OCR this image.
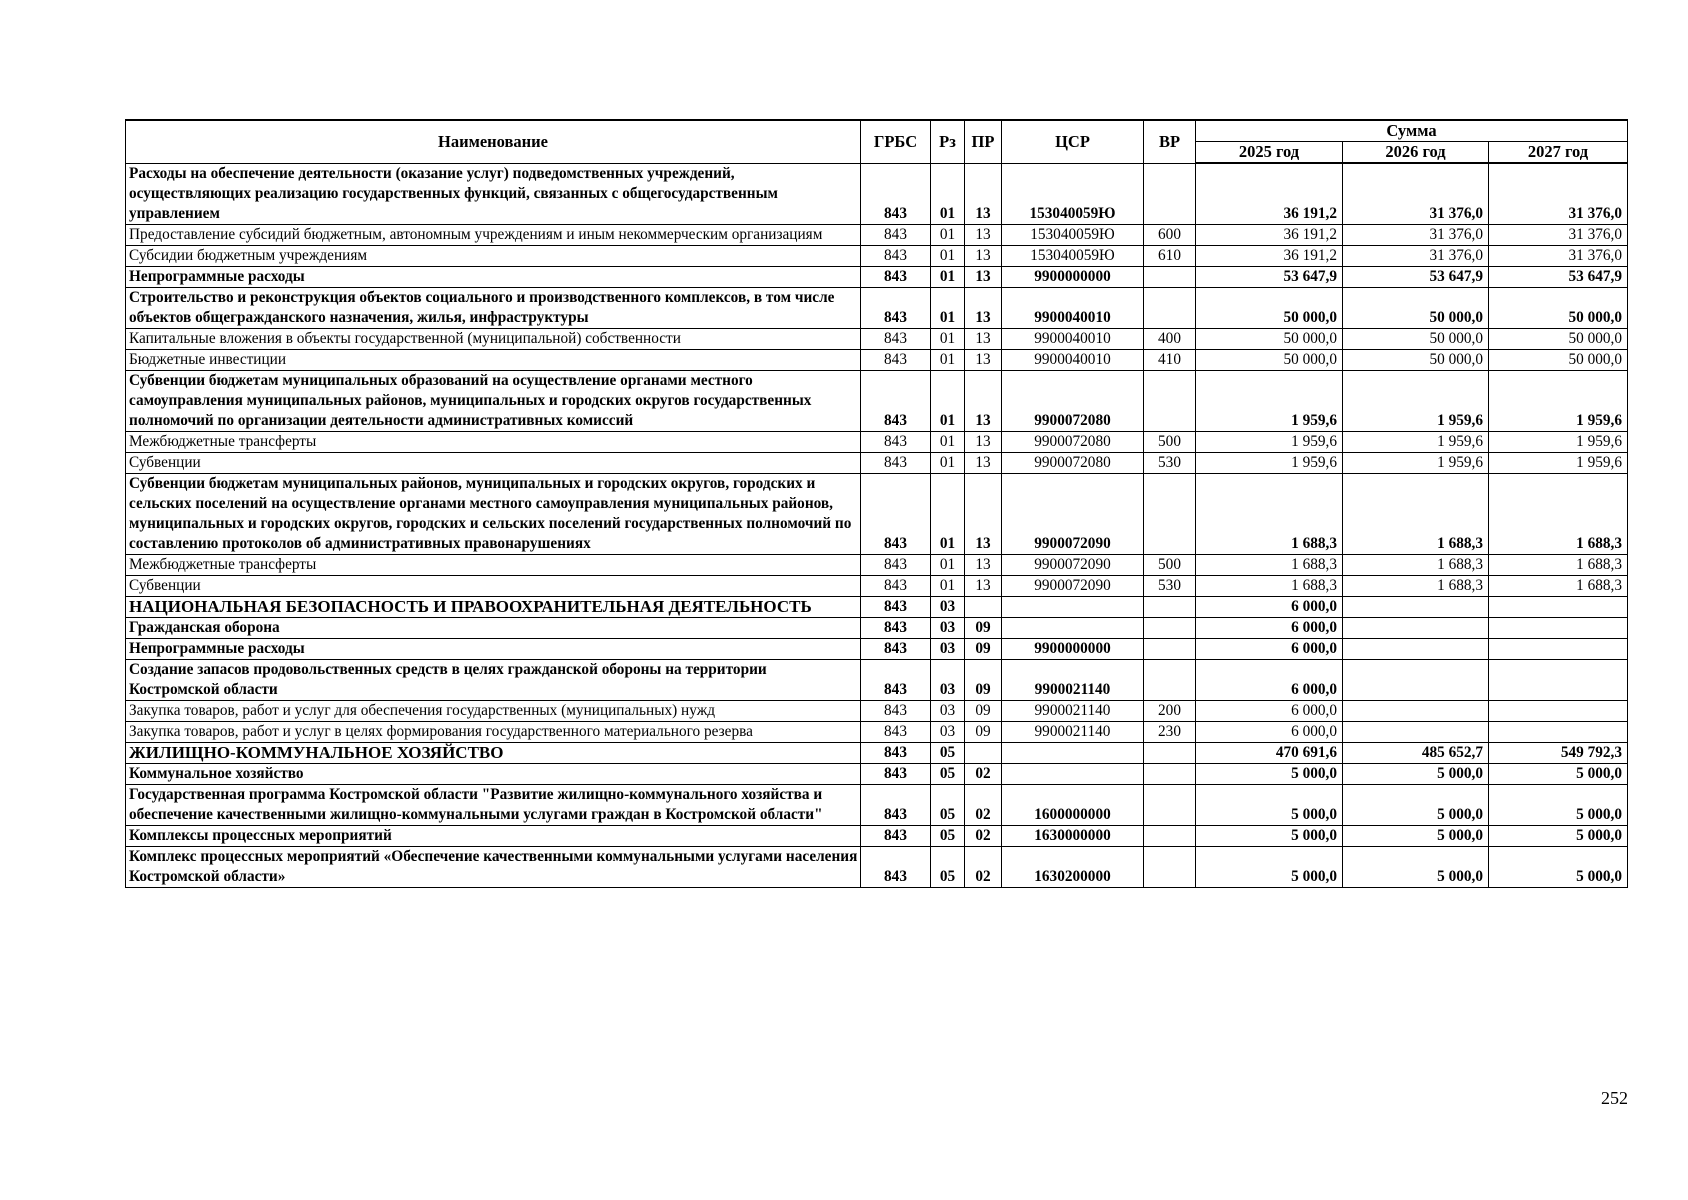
Наименование	ГРБС	Рз	ПР	ЦСР	ВР	Сумма		
						2025 год	2026 год	2027 год
Расходы на обеспечение деятельности (оказание услуг) подведомственных учреждений, осуществляющих реализацию государственных функций, связанных с общегосударственным управлением	843	01	13	153040059Ю		36 191,2	31 376,0	31 376,0
Предоставление субсидий бюджетным, автономным учреждениям и иным некоммерческим организациям	843	01	13	153040059Ю	600	36 191,2	31 376,0	31 376,0
Субсидии бюджетным учреждениям	843	01	13	153040059Ю	610	36 191,2	31 376,0	31 376,0
Непрограммные расходы	843	01	13	9900000000		53 647,9	53 647,9	53 647,9
Строительство и реконструкция объектов социального и производственного комплексов, в том числе объектов общегражданского назначения, жилья, инфраструктуры	843	01	13	9900040010		50 000,0	50 000,0	50 000,0
Капитальные вложения в объекты государственной (муниципальной) собственности	843	01	13	9900040010	400	50 000,0	50 000,0	50 000,0
Бюджетные инвестиции	843	01	13	9900040010	410	50 000,0	50 000,0	50 000,0
Субвенции бюджетам муниципальных образований на осуществление органами местного самоуправления муниципальных районов, муниципальных и городских округов государственных полномочий по организации деятельности административных комиссий	843	01	13	9900072080		1 959,6	1 959,6	1 959,6
Межбюджетные трансферты	843	01	13	9900072080	500	1 959,6	1 959,6	1 959,6
Субвенции	843	01	13	9900072080	530	1 959,6	1 959,6	1 959,6
Субвенции бюджетам муниципальных районов, муниципальных и городских округов, городских и сельских поселений на осуществление органами местного самоуправления муниципальных районов, муниципальных и городских округов, городских и сельских поселений государственных полномочий по составлению протоколов об административных правонарушениях	843	01	13	9900072090		1 688,3	1 688,3	1 688,3
Межбюджетные трансферты	843	01	13	9900072090	500	1 688,3	1 688,3	1 688,3
Субвенции	843	01	13	9900072090	530	1 688,3	1 688,3	1 688,3
НАЦИОНАЛЬНАЯ БЕЗОПАСНОСТЬ И ПРАВООХРАНИТЕЛЬНАЯ ДЕЯТЕЛЬНОСТЬ	843	03				6 000,0		
Гражданская оборона	843	03	09			6 000,0		
Непрограммные расходы	843	03	09	9900000000		6 000,0		
Создание запасов продовольственных средств в целях гражданской обороны на территории Костромской области	843	03	09	9900021140		6 000,0		
Закупка товаров, работ и услуг для обеспечения государственных (муниципальных) нужд	843	03	09	9900021140	200	6 000,0		
Закупка товаров, работ и услуг в целях формирования государственного материального резерва	843	03	09	9900021140	230	6 000,0		
ЖИЛИЩНО-КОММУНАЛЬНОЕ ХОЗЯЙСТВО	843	05				470 691,6	485 652,7	549 792,3
Коммунальное хозяйство	843	05	02			5 000,0	5 000,0	5 000,0
Государственная программа Костромской области "Развитие жилищно-коммунального хозяйства и обеспечение качественными жилищно-коммунальными услугами граждан в Костромской области"	843	05	02	1600000000		5 000,0	5 000,0	5 000,0
Комплексы процессных мероприятий	843	05	02	1630000000		5 000,0	5 000,0	5 000,0
Комплекс процессных мероприятий «Обеспечение качественными коммунальными услугами населения Костромской области»	843	05	02	1630200000		5 000,0	5 000,0	5 000,0
252
